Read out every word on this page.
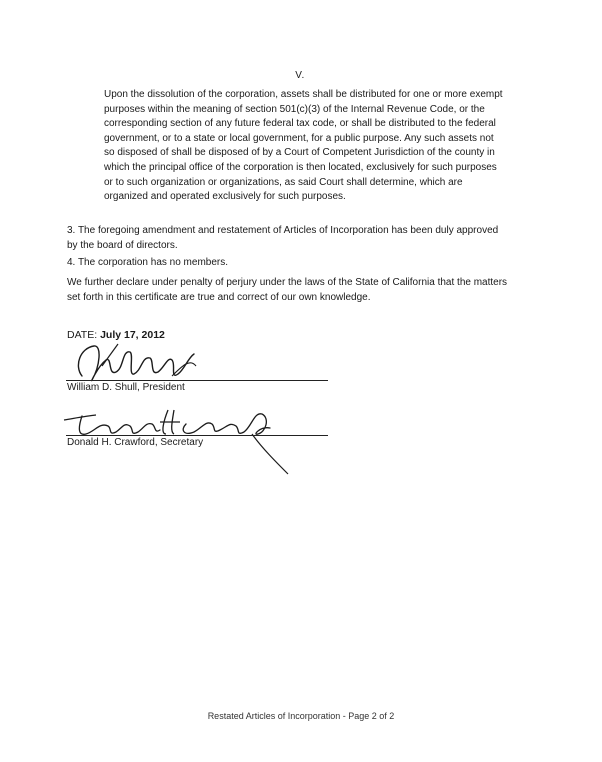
V.

Upon the dissolution of the corporation, assets shall be distributed for one or more exempt purposes within the meaning of section 501(c)(3) of the Internal Revenue Code, or the corresponding section of any future federal tax code, or shall be distributed to the federal government, or to a state or local government, for a public purpose. Any such assets not so disposed of shall be disposed of by a Court of Competent Jurisdiction of the county in which the principal office of the corporation is then located, exclusively for such purposes or to such organization or organizations, as said Court shall determine, which are organized and operated exclusively for such purposes.

3. The foregoing amendment and restatement of Articles of Incorporation has been duly approved by the board of directors.

4. The corporation has no members.

We further declare under penalty of perjury under the laws of the State of California that the matters set forth in this certificate are true and correct of our own knowledge.

DATE: July 17, 2012
William D. Shull, President
Donald H. Crawford, Secretary
Restated Articles of Incorporation - Page 2 of 2
